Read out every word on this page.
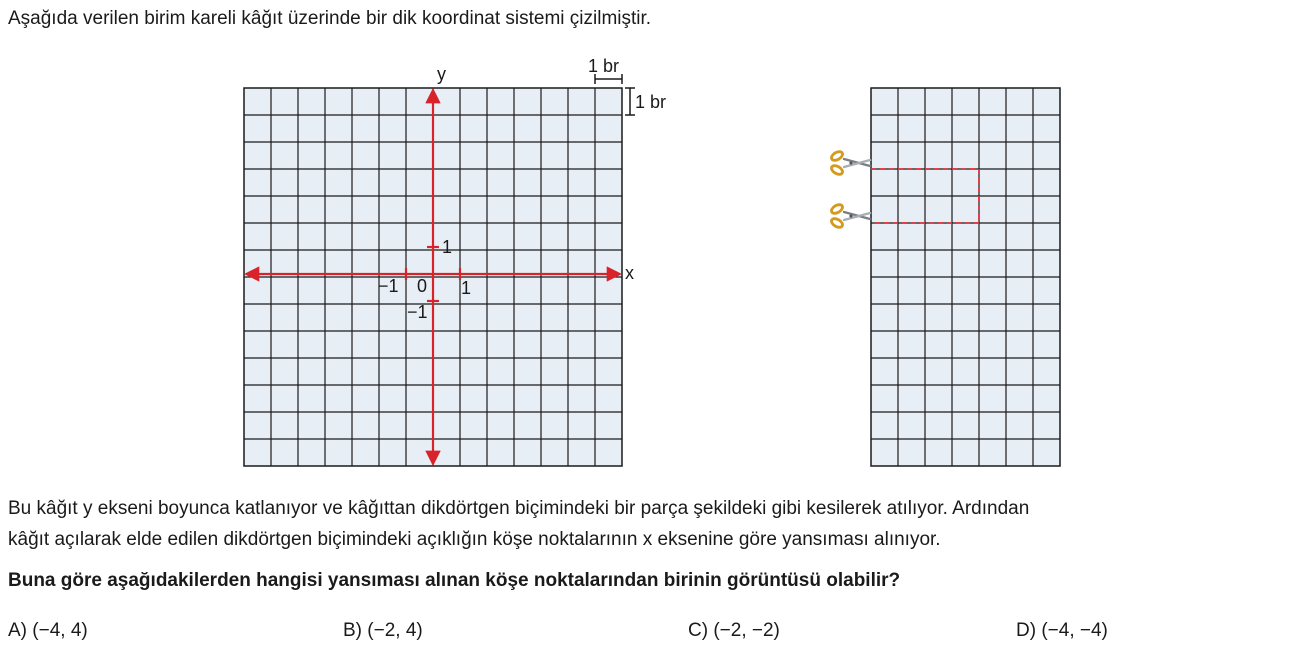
Aşağıda verilen birim kareli kâğıt üzerinde bir dik koordinat sistemi çizilmiştir.

y
x
1
−1 0 1
−1
1 br
1 br

Bu kâğıt y ekseni boyunca katlanıyor ve kâğıttan dikdörtgen biçimindeki bir parça şekildeki gibi kesilerek atılıyor. Ardından
kâğıt açılarak elde edilen dikdörtgen biçimindeki açıklığın köşe noktalarının x eksenine göre yansıması alınıyor.

Buna göre aşağıdakilerden hangisi yansıması alınan köşe noktalarından birinin görüntüsü olabilir?

A) (−4, 4)	B) (−2, 4)	C) (−2, −2)	D) (−4, −4)
